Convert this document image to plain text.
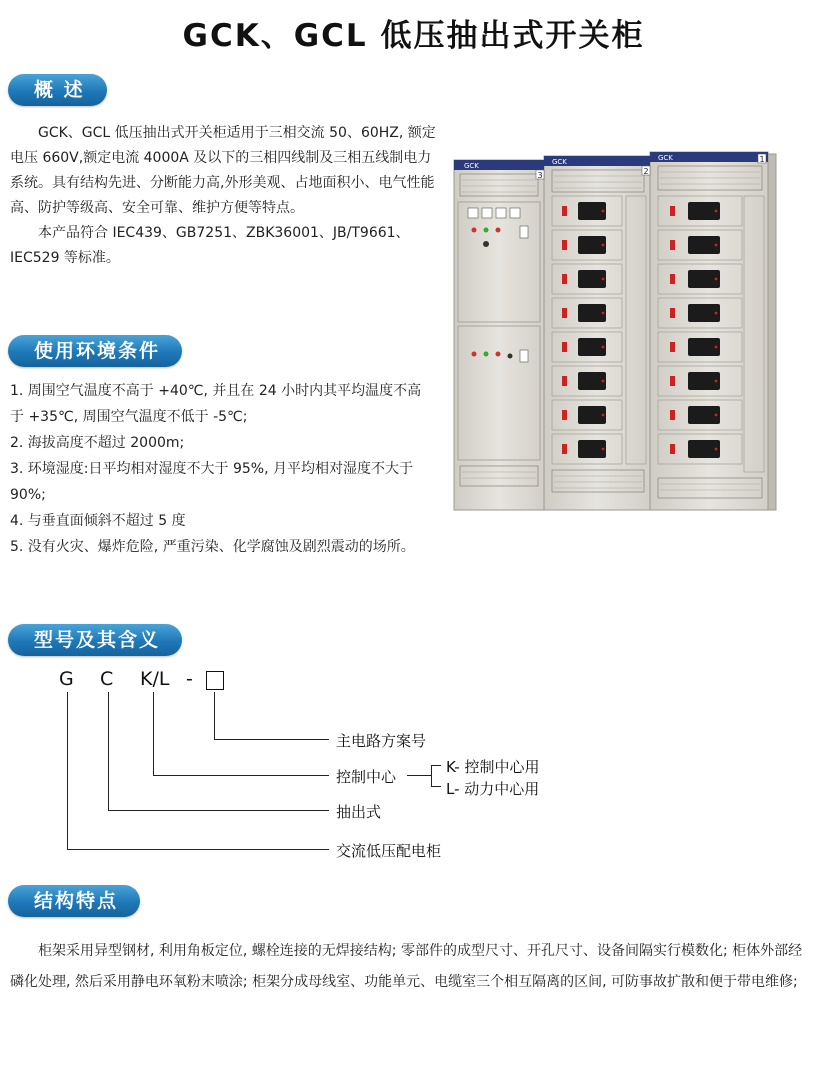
GCK、GCL 低压抽出式开关柜
概 述

GCK、GCL 低压抽出式开关柜适用于三相交流 50、60HZ, 额定电压 660V,额定电流 4000A 及以下的三相四线制及三相五线制电力系统。具有结构先进、分断能力高,外形美观、占地面积小、电气性能高、防护等级高、安全可靠、维护方便等特点。

本产品符合 IEC439、GB7251、ZBK36001、JB/T9661、IEC529 等标准。

使用环境条件
1. 周围空气温度不高于 +40℃, 并且在 24 小时内其平均温度不高于 +35℃, 周围空气温度不低于 -5℃;
2. 海拔高度不超过 2000m;
3. 环境湿度:日平均相对湿度不大于 95%, 月平均相对湿度不大于 90%;
4. 与垂直面倾斜不超过 5 度
5. 没有火灾、爆炸危险, 严重污染、化学腐蚀及剧烈震动的场所。
GCK	GCK	GCK
3	2
1
型号及其含义
G C K/L -
主电路方案号
控制中心
K- 控制中心用
L- 动力中心用
抽出式
交流低压配电柜
结构特点

柜架采用异型钢材, 利用角板定位, 螺栓连接的无焊接结构; 零部件的成型尺寸、开孔尺寸、设备间隔实行模数化; 柜体外部经磷化处理, 然后采用静电环氧粉末喷涂; 柜架分成母线室、功能单元、电缆室三个相互隔离的区间, 可防事故扩散和便于带电维修;
